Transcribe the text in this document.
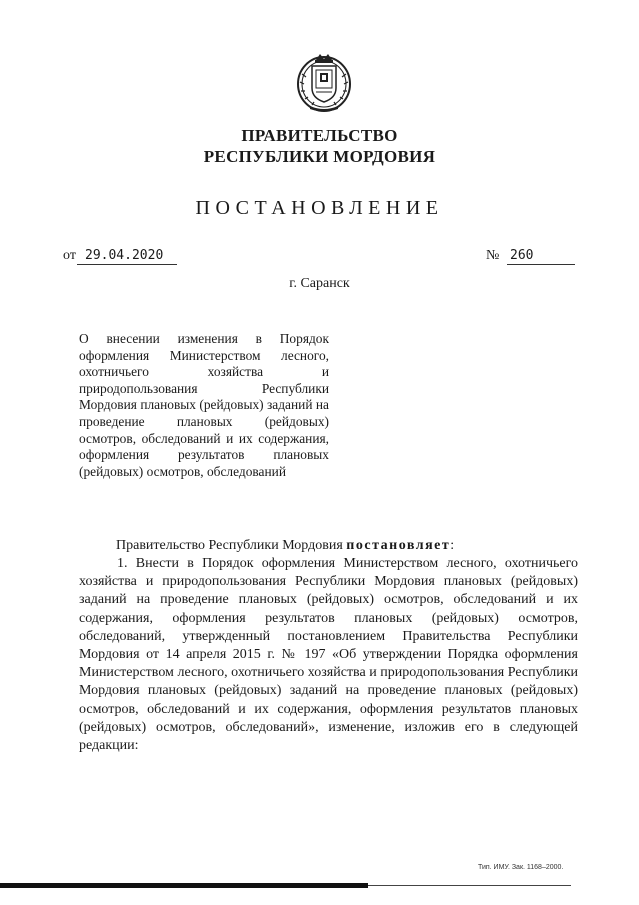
ПРАВИТЕЛЬСТВО
РЕСПУБЛИКИ МОРДОВИЯ
ПОСТАНОВЛЕНИЕ
от 29.04.2020	№ 260
г. Саранск
О внесении изменения в Порядок оформления Министерством лесного, охотничьего хозяйства и природопользования Республики Мордовия плановых (рейдовых) заданий на проведение плановых (рейдовых) осмотров, обследований и их содержания, оформления результатов плановых (рейдовых) осмотров, обследований
Правительство Республики Мордовия постановляет:
1. Внести в Порядок оформления Министерством лесного, охотничьего хозяйства и природопользования Республики Мордовия плановых (рейдовых) заданий на проведение плановых (рейдовых) осмотров, обследований и их содержания, оформления результатов плановых (рейдовых) осмотров, обследований, утвержденный постановлением Правительства Республики Мордовия от 14 апреля 2015 г. № 197 «Об утверждении Порядка оформления Министерством лесного, охотничьего хозяйства и природопользования Республики Мордовия плановых (рейдовых) заданий на проведение плановых (рейдовых) осмотров, обследований и их содержания, оформления результатов плановых (рейдовых) осмотров, обследований», изменение, изложив его в следующей редакции:
Тип. ИМУ. Зак. 1168–2000.
